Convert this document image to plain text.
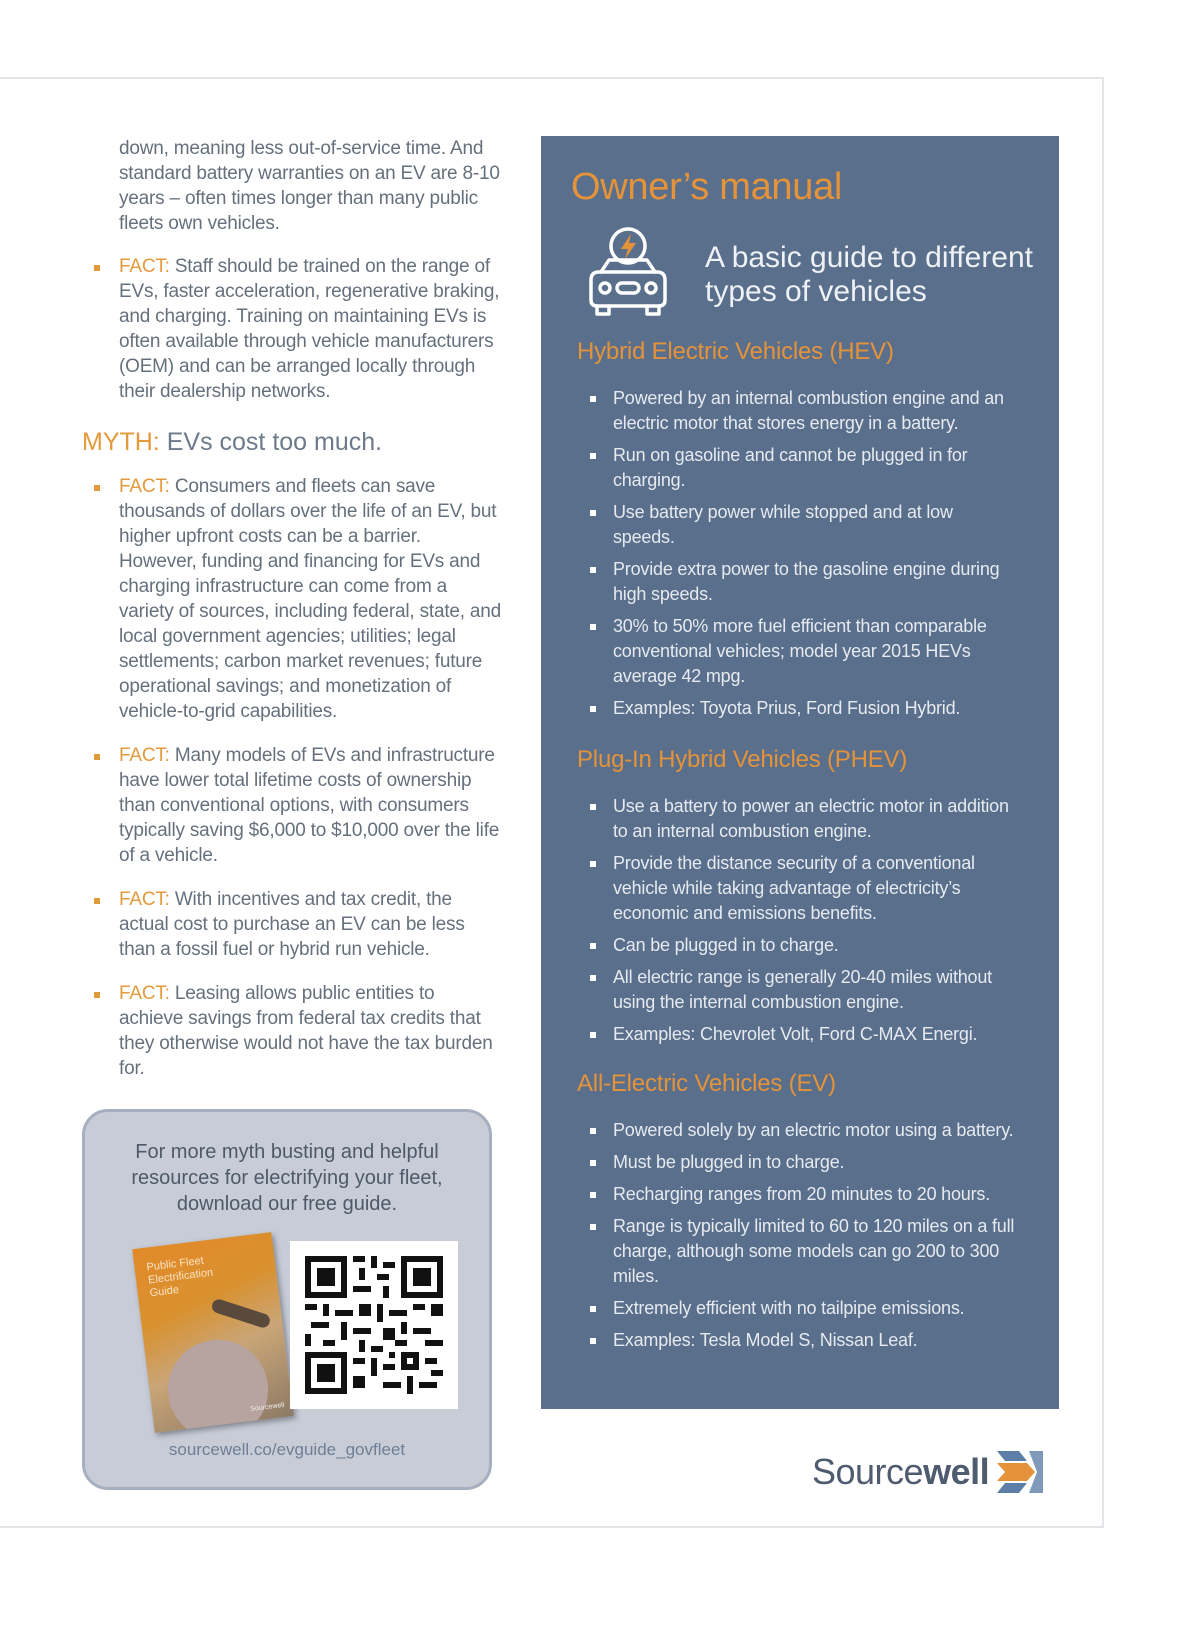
down, meaning less out-of-service time. And standard battery warranties on an EV are 8-10 years – often times longer than many public fleets own vehicles.

FACT: Staff should be trained on the range of EVs, faster acceleration, regenerative braking, and charging. Training on maintaining EVs is often available through vehicle manufacturers (OEM) and can be arranged locally through their dealership networks.
MYTH: EVs cost too much.
FACT: Consumers and fleets can save thousands of dollars over the life of an EV, but higher upfront costs can be a barrier. However, funding and financing for EVs and charging infrastructure can come from a variety of sources, including federal, state, and local government agencies; utilities; legal settlements; carbon market revenues; future operational savings; and monetization of vehicle-to-grid capabilities.
FACT: Many models of EVs and infrastructure have lower total lifetime costs of ownership than conventional options, with consumers typically saving $6,000 to $10,000 over the life of a vehicle.
FACT: With incentives and tax credit, the actual cost to purchase an EV can be less than a fossil fuel or hybrid run vehicle.
FACT: Leasing allows public entities to achieve savings from federal tax credits that they otherwise would not have the tax burden for.
For more myth busting and helpful resources for electrifying your fleet, download our free guide.
Public Fleet Electrification Guide
Sourcewell
sourcewell.co/evguide_govfleet
Owner’s manual
A basic guide to different types of vehicles
Hybrid Electric Vehicles (HEV)
Powered by an internal combustion engine and an electric motor that stores energy in a battery.
Run on gasoline and cannot be plugged in for charging.
Use battery power while stopped and at low speeds.
Provide extra power to the gasoline engine during high speeds.
30% to 50% more fuel efficient than comparable conventional vehicles; model year 2015 HEVs average 42 mpg.
Examples: Toyota Prius, Ford Fusion Hybrid.
Plug-In Hybrid Vehicles (PHEV)
Use a battery to power an electric motor in addition to an internal combustion engine.
Provide the distance security of a conventional vehicle while taking advantage of electricity’s economic and emissions benefits.
Can be plugged in to charge.
All electric range is generally 20-40 miles without using the internal combustion engine.
Examples: Chevrolet Volt, Ford C-MAX Energi.
All-Electric Vehicles (EV)
Powered solely by an electric motor using a battery.
Must be plugged in to charge.
Recharging ranges from 20 minutes to 20 hours.
Range is typically limited to 60 to 120 miles on a full charge, although some models can go 200 to 300 miles.
Extremely efficient with no tailpipe emissions.
Examples: Tesla Model S, Nissan Leaf.
Sourcewell
